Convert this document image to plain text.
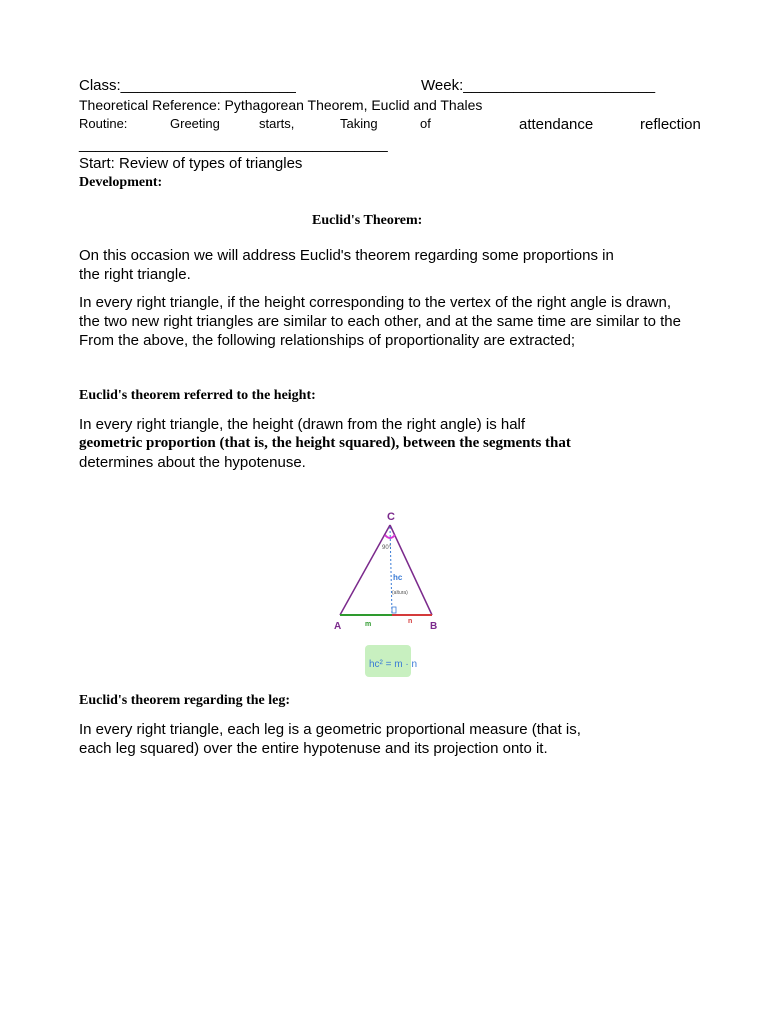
Class:_____________________	Week:_______________________
Theoretical Reference: Pythagorean Theorem, Euclid and Thales
Routine:	Greeting	starts,	Taking	of	attendance	reflection
_____________________________________
Start: Review of types of triangles
Development:
Euclid's Theorem:
On this occasion we will address Euclid's theorem regarding some proportions in
the right triangle.
In every right triangle, if the height corresponding to the vertex of the right angle is drawn,
the two new right triangles are similar to each other, and at the same time are similar to the
From the above, the following relationships of proportionality are extracted;
Euclid's theorem referred to the height:
In every right triangle, the height (drawn from the right angle) is half
geometric proportion (that is, the height squared), between the segments that
determines about the hypotenuse.
C
90°
hc
(altura)
A	B
m	n
hc² = m · n
Euclid's theorem regarding the leg:
In every right triangle, each leg is a geometric proportional measure (that is,
each leg squared) over the entire hypotenuse and its projection onto it.
